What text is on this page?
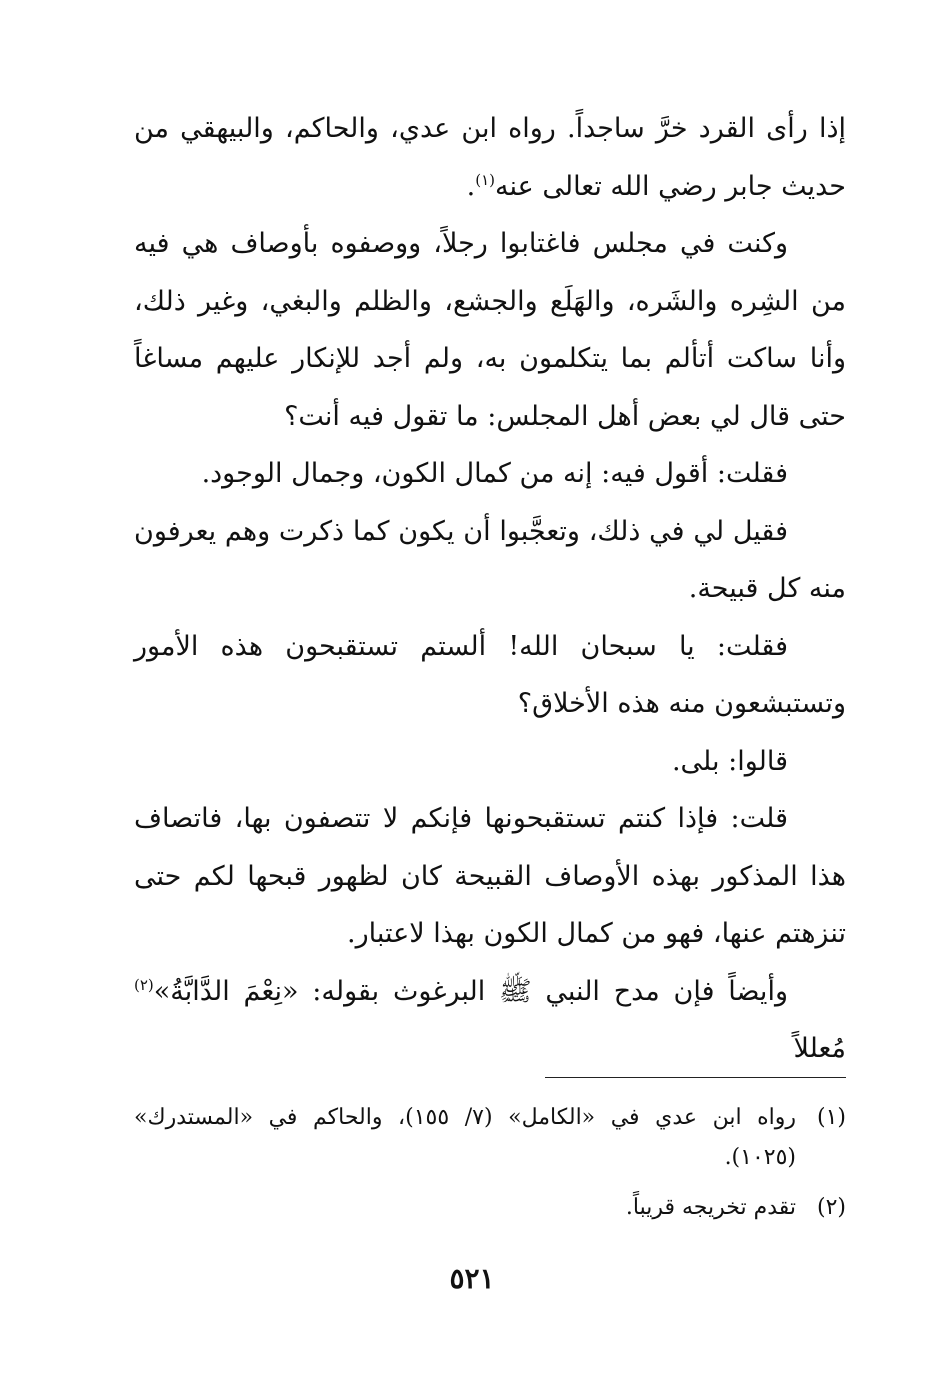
إذا رأى القرد خرَّ ساجداً. رواه ابن عدي، والحاكم، والبيهقي من حديث جابر رضي الله تعالى عنه$^{(١)}$.

وكنت في مجلس فاغتابوا رجلاً، ووصفوه بأوصاف هي فيه من الشِره والشَره، والهَلَع والجشع، والظلم والبغي، وغير ذلك، وأنا ساكت أتألم بما يتكلمون به، ولم أجد للإنكار عليهم مساغاً حتى قال لي بعض أهل المجلس: ما تقول فيه أنت؟

فقلت: أقول فيه: إنه من كمال الكون، وجمال الوجود.

فقيل لي في ذلك، وتعجَّبوا أن يكون كما ذكرت وهم يعرفون منه كل قبيحة.

فقلت: يا سبحان الله! ألستم تستقبحون هذه الأمور وتستبشعون منه هذه الأخلاق؟

قالوا: بلى.

قلت: فإذا كنتم تستقبحونها فإنكم لا تتصفون بها، فاتصاف هذا المذكور بهذه الأوصاف القبيحة كان لظهور قبحها لكم حتى تنزهتم عنها، فهو من كمال الكون بهذا لاعتبار.

وأيضاً فإن مدح النبي ﷺ البرغوث بقوله: «نِعْمَ الدَّابَّةُ»$^{(٢)}$ مُعللاً

(١)
رواه ابن عدي في «الكامل» (٧/ ١٥٥)، والحاكم في «المستدرك» (١٠٢٥).
(٢)
تقدم تخريجه قريباً.
٥٢١
